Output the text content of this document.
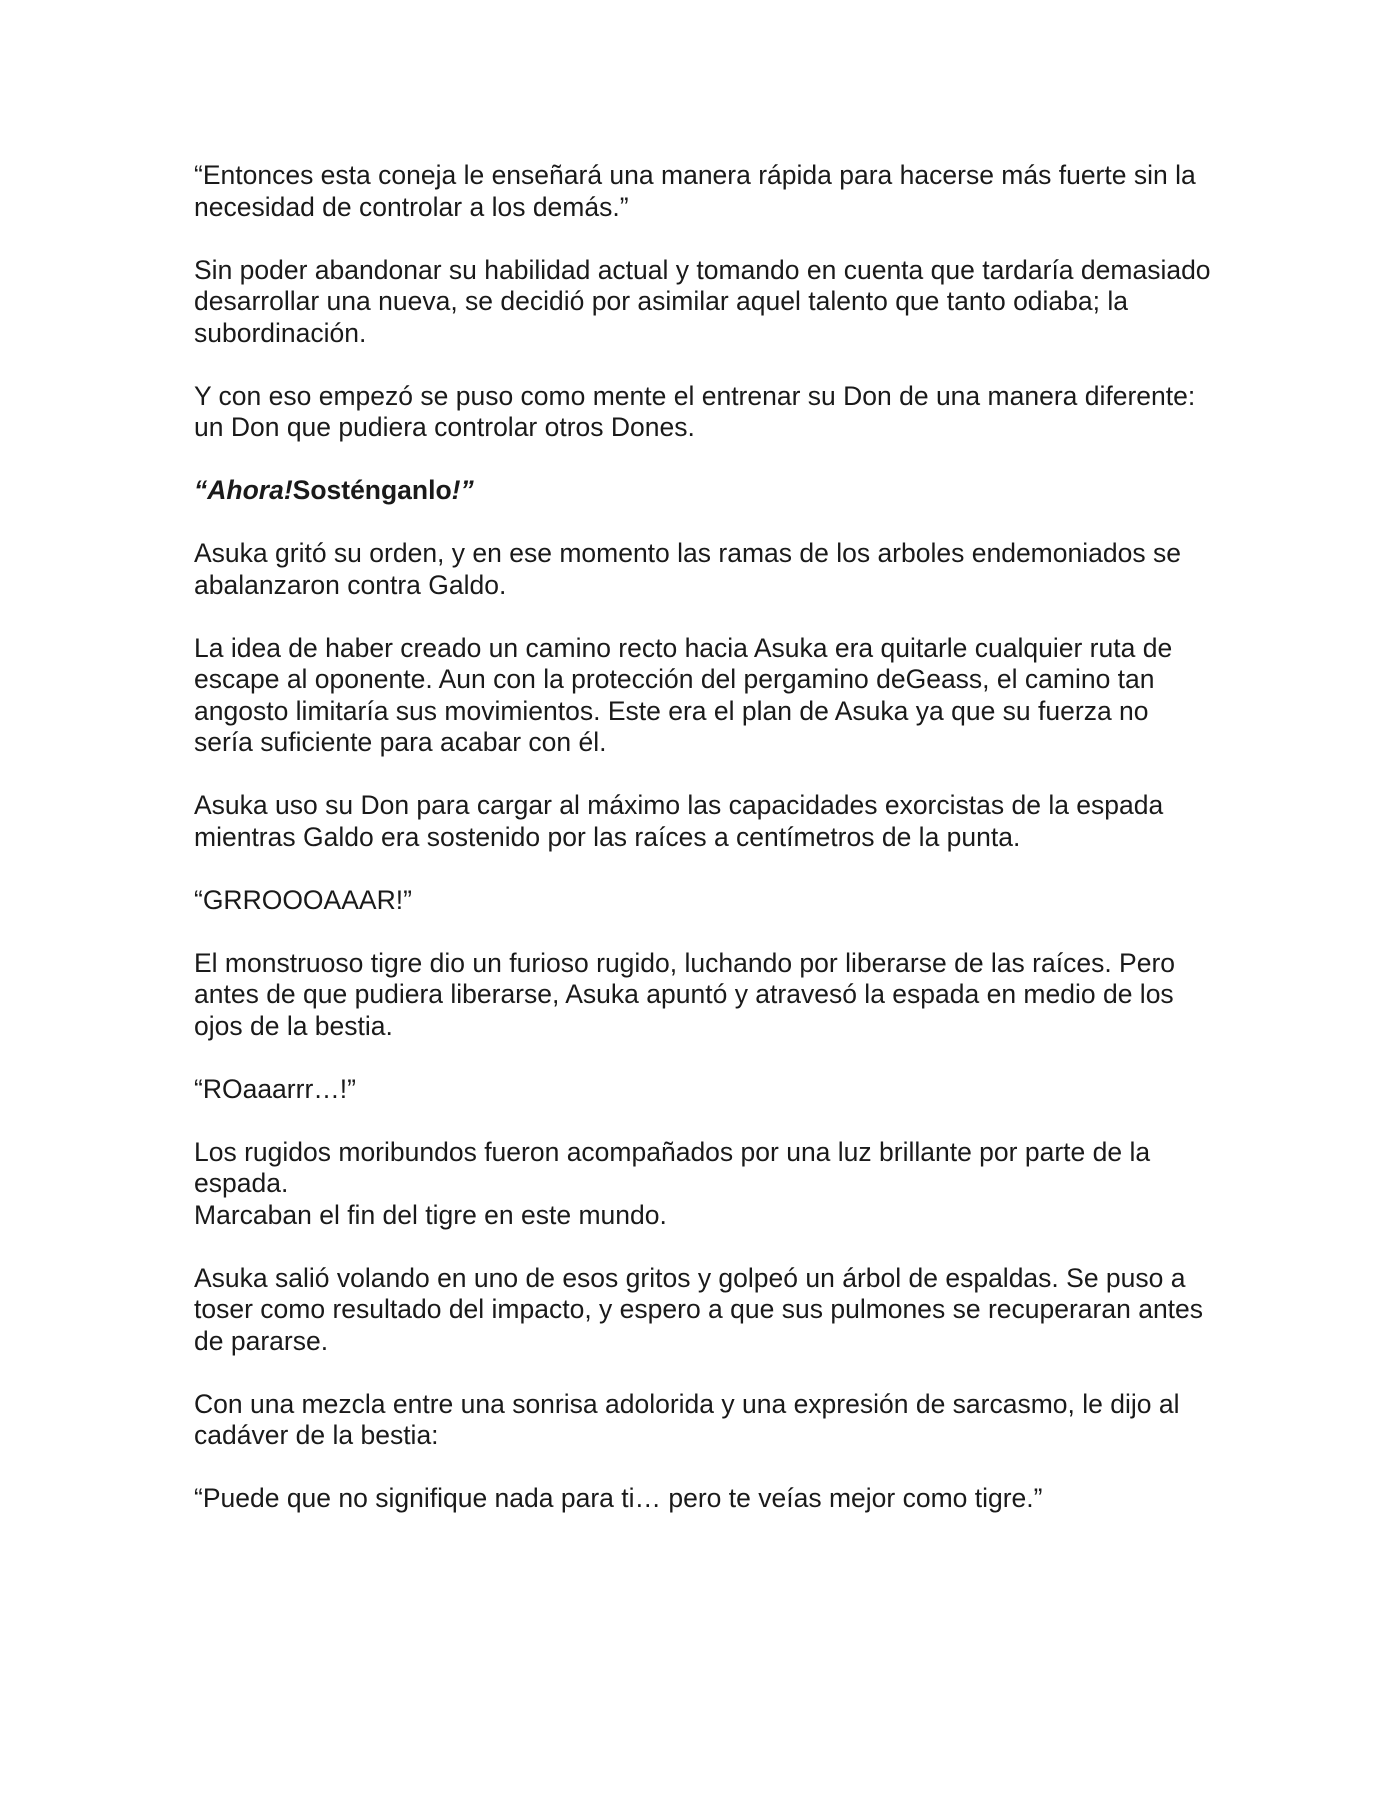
“Entonces esta coneja le enseñará una manera rápida para hacerse más fuerte sin la necesidad de controlar a los demás.”

Sin poder abandonar su habilidad actual y tomando en cuenta que tardaría demasiado desarrollar una nueva, se decidió por asimilar aquel talento que tanto odiaba; la subordinación.

Y con eso empezó se puso como mente el entrenar su Don de una manera diferente: un Don que pudiera controlar otros Dones.

“Ahora!Sosténganlo!”

Asuka gritó su orden, y en ese momento las ramas de los arboles endemoniados se abalanzaron contra Galdo.

La idea de haber creado un camino recto hacia Asuka era quitarle cualquier ruta de escape al oponente. Aun con la protección del pergamino deGeass, el camino tan angosto limitaría sus movimientos. Este era el plan de Asuka ya que su fuerza no sería suficiente para acabar con él.

Asuka uso su Don para cargar al máximo las capacidades exorcistas de la espada mientras Galdo era sostenido por las raíces a centímetros de la punta.

“GRROOOAAAR!”

El monstruoso tigre dio un furioso rugido, luchando por liberarse de las raíces. Pero antes de que pudiera liberarse, Asuka apuntó y atravesó la espada en medio de los ojos de la bestia.

“ROaaarrr…!”

Los rugidos moribundos fueron acompañados por una luz brillante por parte de la espada.

Marcaban el fin del tigre en este mundo.

Asuka salió volando en uno de esos gritos y golpeó un árbol de espaldas. Se puso a toser como resultado del impacto, y espero a que sus pulmones se recuperaran antes de pararse.

Con una mezcla entre una sonrisa adolorida y una expresión de sarcasmo, le dijo al cadáver de la bestia:

“Puede que no signifique nada para ti… pero te veías mejor como tigre.”
